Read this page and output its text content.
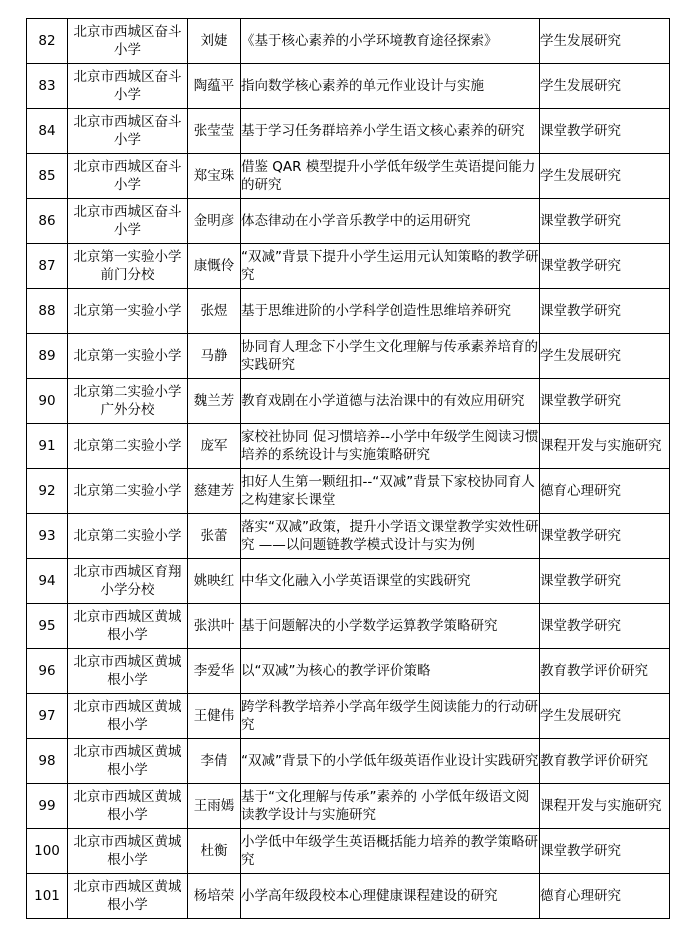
82	北京市西城区奋斗小学	刘婕	《基于核心素养的小学环境教育途径探索》	学生发展研究
83	北京市西城区奋斗小学	陶蕴平	指向数学核心素养的单元作业设计与实施	学生发展研究
84	北京市西城区奋斗小学	张莹莹	基于学习任务群培养小学生语文核心素养的研究	课堂教学研究
85	北京市西城区奋斗小学	郑宝珠	借鉴 QAR 模型提升小学低年级学生英语提问能力的研究	学生发展研究
86	北京市西城区奋斗小学	金明彦	体态律动在小学音乐教学中的运用研究	课堂教学研究
87	北京第一实验小学前门分校	康慨伶	“双减”背景下提升小学生运用元认知策略的教学研究	课堂教学研究
88	北京第一实验小学	张煜	基于思维进阶的小学科学创造性思维培养研究	课堂教学研究
89	北京第一实验小学	马静	协同育人理念下小学生文化理解与传承素养培育的实践研究	学生发展研究
90	北京第二实验小学广外分校	魏兰芳	教育戏剧在小学道德与法治课中的有效应用研究	课堂教学研究
91	北京第二实验小学	庞军	家校社协同 促习惯培养--小学中年级学生阅读习惯培养的系统设计与实施策略研究	课程开发与实施研究
92	北京第二实验小学	慈建芳	扣好人生第一颗纽扣--“双减”背景下家校协同育人之构建家长课堂	德育心理研究
93	北京第二实验小学	张蕾	落实“双减”政策，提升小学语文课堂教学实效性研究 ——以问题链教学模式设计与实为例	课堂教学研究
94	北京市西城区育翔小学分校	姚映红	中华文化融入小学英语课堂的实践研究	课堂教学研究
95	北京市西城区黄城根小学	张洪叶	基于问题解决的小学数学运算教学策略研究	课堂教学研究
96	北京市西城区黄城根小学	李爱华	以“双减”为核心的教学评价策略	教育教学评价研究
97	北京市西城区黄城根小学	王健伟	跨学科教学培养小学高年级学生阅读能力的行动研究	学生发展研究
98	北京市西城区黄城根小学	李倩	“双减”背景下的小学低年级英语作业设计实践研究	教育教学评价研究
99	北京市西城区黄城根小学	王雨嫣	基于“文化理解与传承”素养的 小学低年级语文阅读教学设计与实施研究	课程开发与实施研究
100	北京市西城区黄城根小学	杜衡	小学低中年级学生英语概括能力培养的教学策略研究	课堂教学研究
101	北京市西城区黄城根小学	杨培荣	小学高年级段校本心理健康课程建设的研究	德育心理研究
